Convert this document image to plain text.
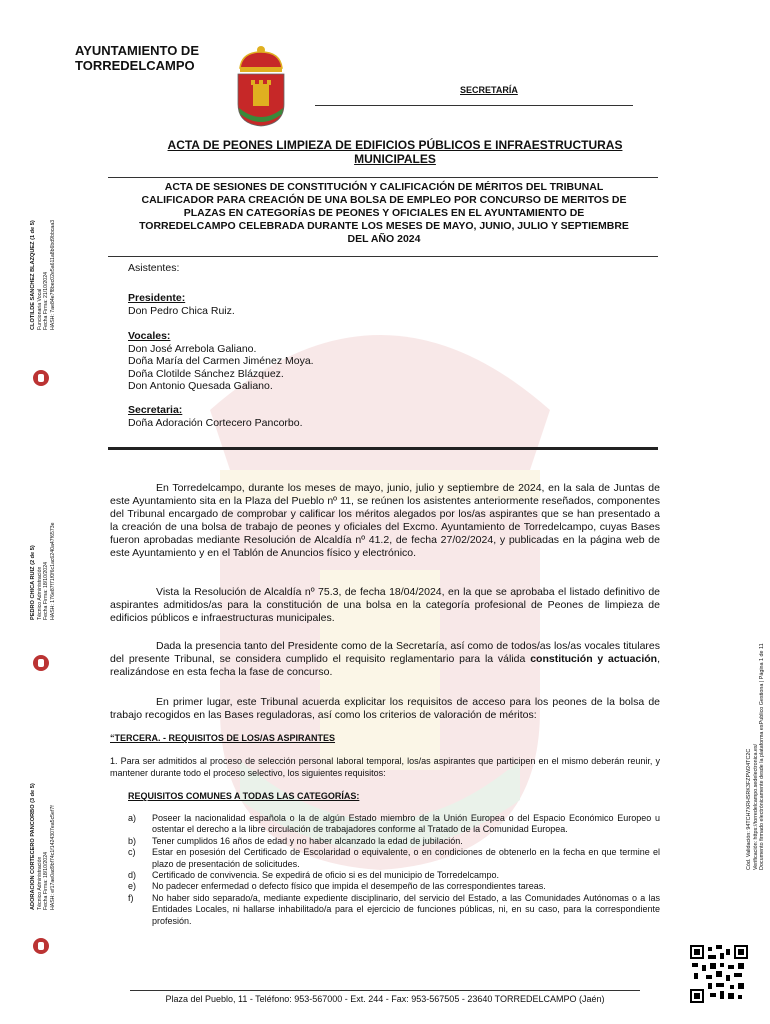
AYUNTAMIENTO DE
TORREDELCAMPO
SECRETARÍA
ACTA DE PEONES LIMPIEZA DE EDIFICIOS PÚBLICOS E INFRAESTRUCTURAS
MUNICIPALES
ACTA DE SESIONES DE CONSTITUCIÓN Y CALIFICACIÓN DE MÉRITOS DEL TRIBUNAL
CALIFICADOR PARA CREACIÓN DE UNA BOLSA DE EMPLEO POR CONCURSO DE MERITOS DE
PLAZAS EN CATEGORÍAS DE PEONES Y OFICIALES EN EL AYUNTAMIENTO DE
TORREDELCAMPO CELEBRADA DURANTE LOS MESES DE MAYO, JUNIO, JULIO Y SEPTIEMBRE
DEL AÑO 2024
Asistentes:
Presidente:
Don Pedro Chica Ruiz.
Vocales:
Don José Arrebola Galiano.
Doña María del Carmen Jiménez Moya.
Doña Clotilde Sánchez Blázquez.
Don Antonio Quesada Galiano.
Secretaria:
Doña Adoración Cortecero Pancorbo.
En Torredelcampo, durante los meses de mayo, junio, julio y septiembre de 2024, en la sala de Juntas de este Ayuntamiento sita en la Plaza del Pueblo nº 11, se reúnen los asistentes anteriormente reseñados, componentes del Tribunal encargado de comprobar y calificar los méritos alegados por los/as aspirantes que se han presentado a la creación de una bolsa de trabajo de peones y oficiales del Excmo. Ayuntamiento de Torredelcampo, cuyas Bases fueron aprobadas mediante Resolución de Alcaldía nº 41.2, de fecha 27/02/2024, y publicadas en la página web de este Ayuntamiento y en el Tablón de Anuncios físico y electrónico.
Vista la Resolución de Alcaldía nº 75.3, de fecha 18/04/2024, en la que se aprobaba el listado definitivo de aspirantes admitidos/as para la constitución de una bolsa en la categoría profesional de Peones de limpieza de edificios públicos e infraestructuras municipales.
Dada la presencia tanto del Presidente como de la Secretaría, así como de todos/as los/as vocales titulares del presente Tribunal, se considera cumplido el requisito reglamentario para la válida constitución y actuación, realizándose en esta fecha la fase de concurso.
En primer lugar, este Tribunal acuerda explicitar los requisitos de acceso para los peones de la bolsa de trabajo recogidos en las Bases reguladoras, así como los criterios de valoración de méritos:
“TERCERA. - REQUISITOS DE LOS/AS ASPIRANTES
1. Para ser admitidos al proceso de selección personal laboral temporal, los/as aspirantes que participen en el mismo deberán reunir, y mantener durante todo el proceso selectivo, los siguientes requisitos:
REQUISITOS COMUNES A TODAS LAS CATEGORÍAS:
a)	Poseer la nacionalidad española o la de algún Estado miembro de la Unión Europea o del Espacio Económico Europeo u ostentar el derecho a la libre circulación de trabajadores conforme al Tratado de la Comunidad Europea.
b)	Tener cumplidos 16 años de edad y no haber alcanzado la edad de jubilación.
c)	Estar en posesión del Certificado de Escolaridad o equivalente, o en condiciones de obtenerlo en la fecha en que termine el plazo de presentación de solicitudes.
d)	Certificado de convivencia. Se expedirá de oficio si es del municipio de Torredelcampo.
e)	No padecer enfermedad o defecto físico que impida el desempeño de las correspondientes tareas.
f)	No haber sido separado/a, mediante expediente disciplinario, del servicio del Estado, a las Comunidades Autónomas o a las Entidades Locales, ni hallarse inhabilitado/a para el ejercicio de funciones públicas, ni, en su caso, para la correspondiente profesión.
Plaza del Pueblo, 11 - Teléfono: 953-567000 - Ext. 244 - Fax: 953-567505 - 23640 TORREDELCAMPO (Jaén)
CLOTILDE SANCHEZ BLAZQUEZ (1 de 5) Funcionaria Vocal Fecha Firma: 21/10/2024 HASH: 7ae84e7f8bec02e5a611a8b6bd9bbcaa3
PEDRO CHICA RUIZ (2 de 5) Técnico Administración Fecha Firma: 18/10/2024 HASH: 176e87f71f0f6c1ac6240a47f6573e
ADORACION CORTECERO PANCORBO (3 de 5) Técnico Administración Fecha Firma: 18/10/2024 HASH: ef17ae0ad9bf74c1f1424307ea5c5ef7f	Cód. Validación: 94TCH7XRHSRK3FZPW24TC2C Verificación: https://torredelcampo.sedelectronica.es/ Documento firmado electrónicamente desde la plataforma esPublico Gestiona | Página 1 de 11
